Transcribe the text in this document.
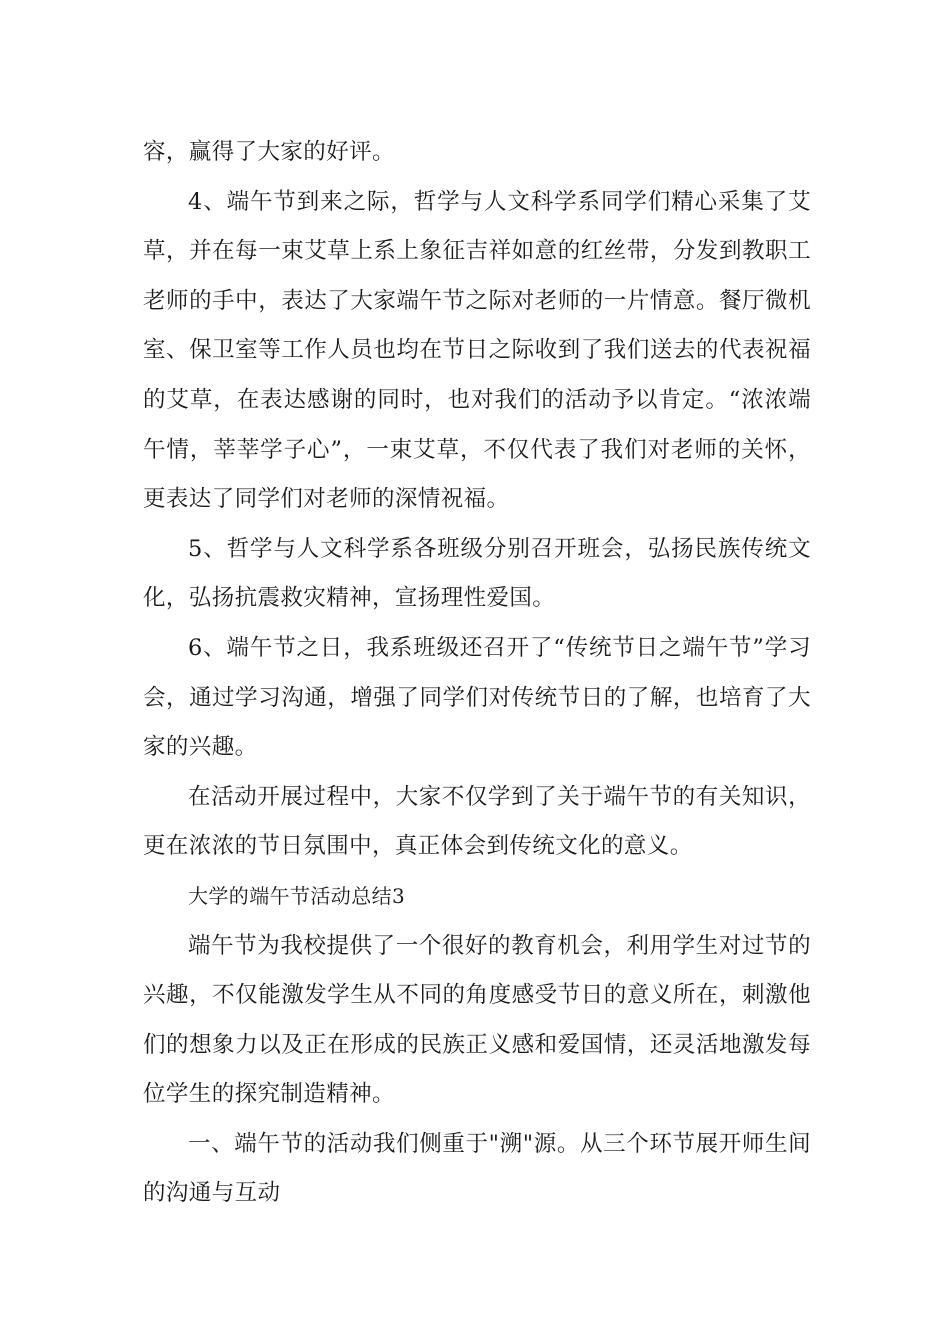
容，赢得了大家的好评。

4、端午节到来之际，哲学与人文科学系同学们精心采集了艾草，并在每一束艾草上系上象征吉祥如意的红丝带，分发到教职工老师的手中，表达了大家端午节之际对老师的一片情意。餐厅微机室、保卫室等工作人员也均在节日之际收到了我们送去的代表祝福的艾草，在表达感谢的同时，也对我们的活动予以肯定。“浓浓端午情，莘莘学子心”，一束艾草，不仅代表了我们对老师的关怀，更表达了同学们对老师的深情祝福。

5、哲学与人文科学系各班级分别召开班会，弘扬民族传统文化，弘扬抗震救灾精神，宣扬理性爱国。

6、端午节之日，我系班级还召开了“传统节日之端午节”学习会，通过学习沟通，增强了同学们对传统节日的了解，也培育了大家的兴趣。

在活动开展过程中，大家不仅学到了关于端午节的有关知识，更在浓浓的节日氛围中，真正体会到传统文化的意义。

大学的端午节活动总结3

端午节为我校提供了一个很好的教育机会，利用学生对过节的兴趣，不仅能激发学生从不同的角度感受节日的意义所在，刺激他们的想象力以及正在形成的民族正义感和爱国情，还灵活地激发每位学生的探究制造精神。

一、端午节的活动我们侧重于"溯"源。从三个环节展开师生间的沟通与互动
